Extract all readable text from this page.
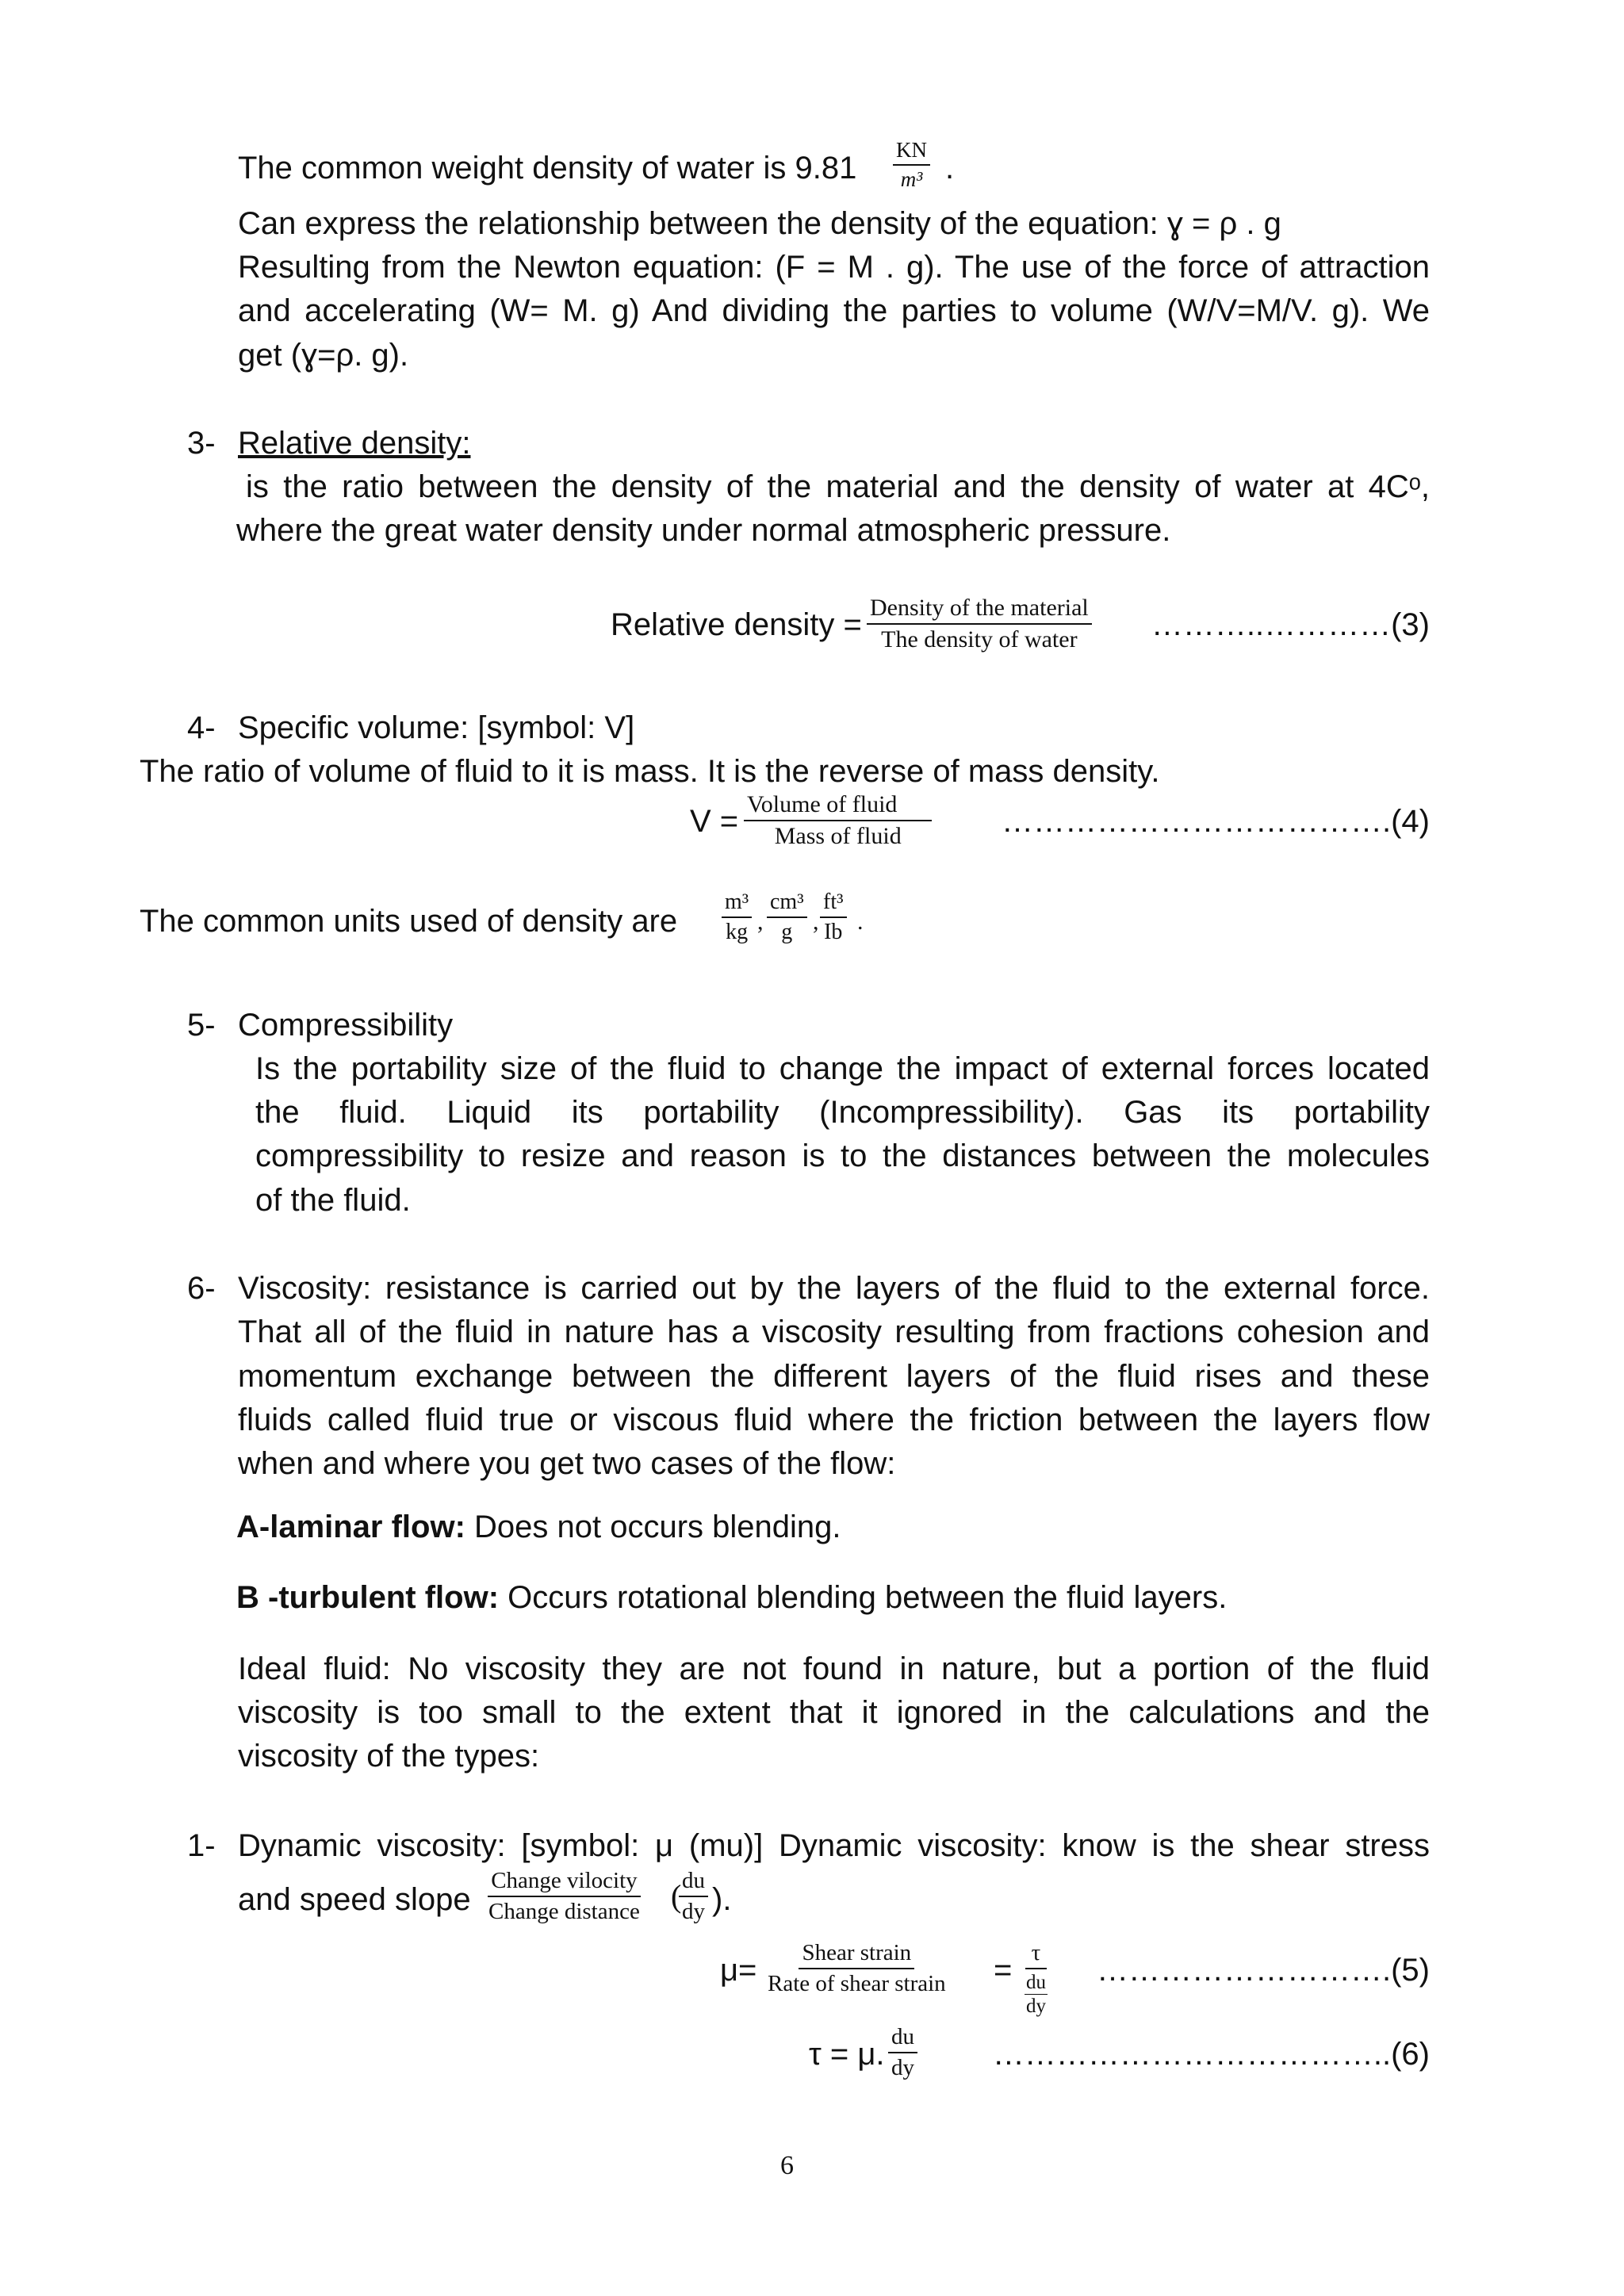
The common weight density of water is $9.81 \frac{KN}{\text{m³}}$ .
Can express the relationship between the density of the equation: ɣ = ρ . g
Resulting from the Newton equation: (F = M . g). The use of the force of attraction
and accelerating (W= M. g) And dividing the parties to volume (W/V=M/V. g). We
get (ɣ=ρ. g).
3- Relative density:
is the ratio between the density of the material and the density of water at 4Cᵒ,
where the great water density under normal atmospheric pressure.
Relative density = Density of the material
The density of water ………..…………(3)
4- Specific volume: [symbol: V]
The ratio of volume of fluid to it is mass. It is the reverse of mass density.
V = Volume of fluid
Mass of fluid	……………………………….(4)
The common units used of density are $\frac{\text{m³}}{kg}$ , $\frac{\text{cm³}}{g}$ , $\frac{\text{ft³}}{Ib}$ .
5- Compressibility
Is the portability size of the fluid to change the impact of external forces located
the fluid. Liquid its portability (Incompressibility). Gas its portability
compressibility to resize and reason is to the distances between the molecules
of the fluid.
6- Viscosity: resistance is carried out by the layers of the fluid to the external force.
That all of the fluid in nature has a viscosity resulting from fractions cohesion and
momentum exchange between the different layers of the fluid rises and these
fluids called fluid true or viscous fluid where the friction between the layers flow
when and where you get two cases of the flow:
A-laminar flow: Does not occurs blending.
B -turbulent flow: Occurs rotational blending between the fluid layers.
Ideal fluid: No viscosity they are not found in nature, but a portion of the fluid
viscosity is too small to the extent that it ignored in the calculations and the
viscosity of the types:
1- Dynamic viscosity: [symbol: μ (mu)] Dynamic viscosity: know is the shear stress
and speed slope
Change vilocity
Change distance (
$\frac{du}{dy}$ ).
μ= Shear strain
Rate of shear strain = $\frac{\tau}{\frac{du}{dy}}$ ……………………….(5)
τ = μ. $\frac{du}{dy}$ ………………………………..(6)
6
